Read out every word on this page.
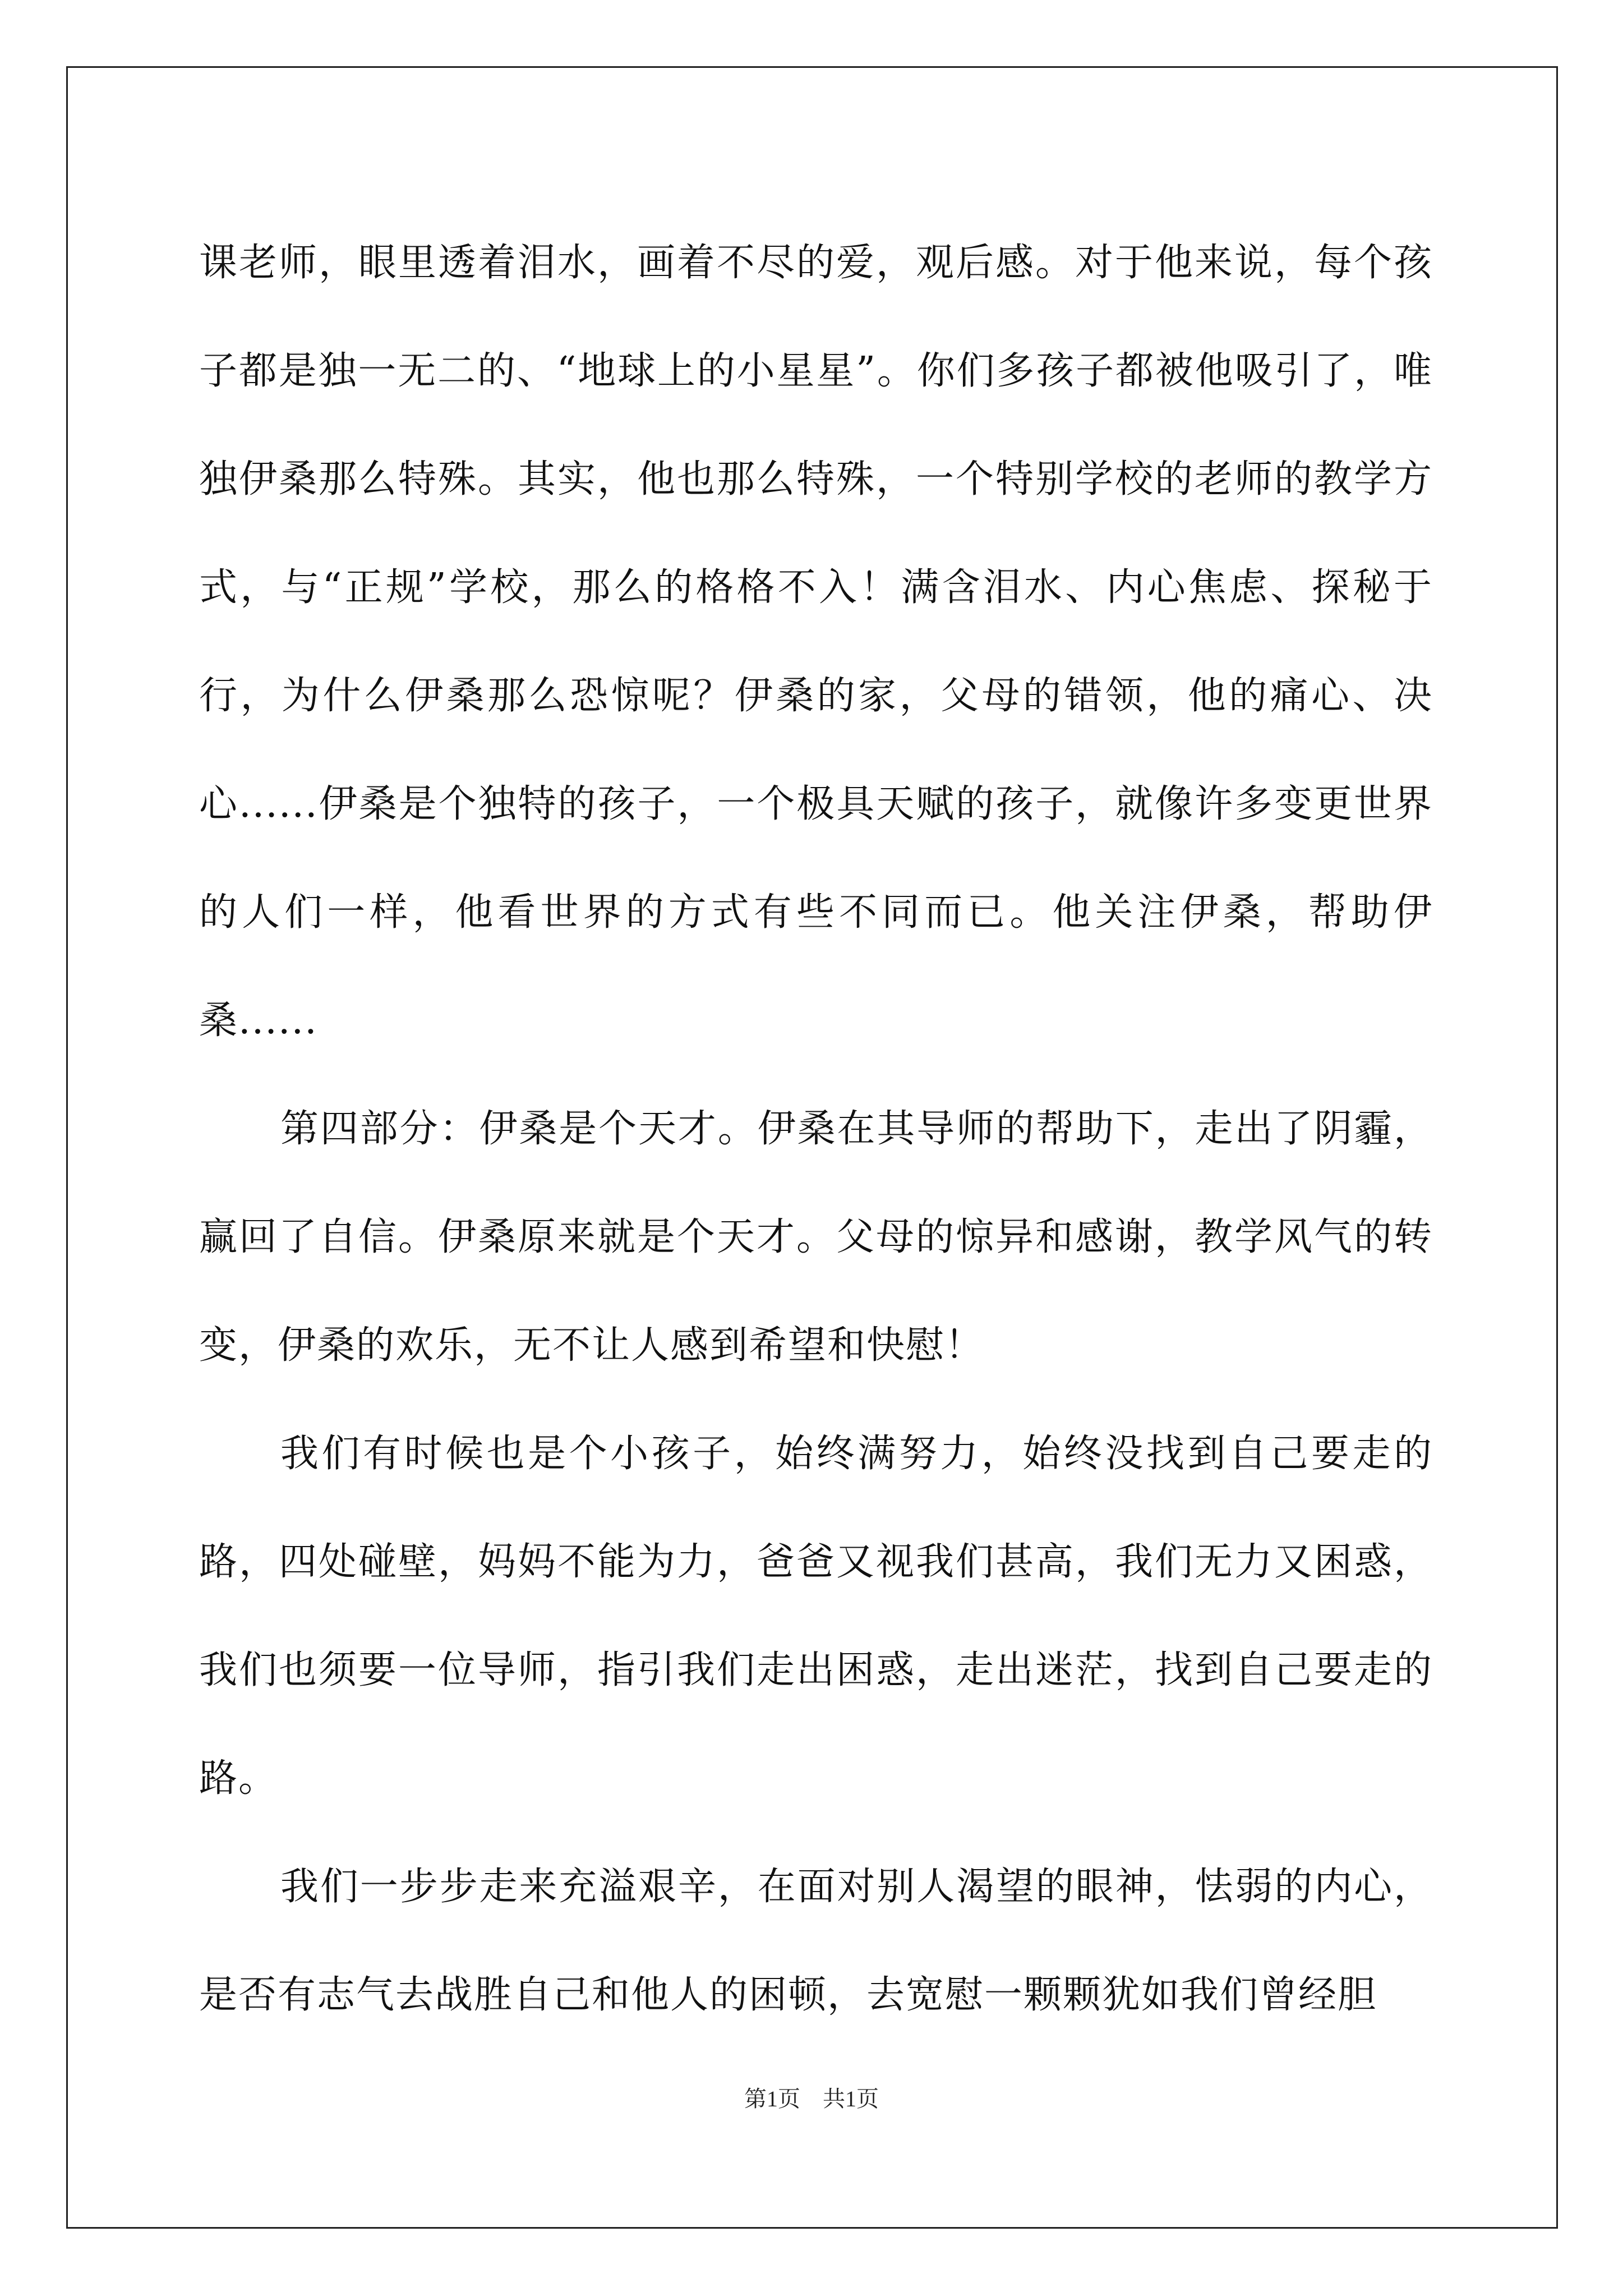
课老师，眼里透着泪水，画着不尽的爱，观后感。对于他来说，每个孩子都是独一无二的、“地球上的小星星”。你们多孩子都被他吸引了，唯独伊桑那么特殊。其实，他也那么特殊，一个特别学校的老师的教学方式，与“正规”学校，那么的格格不入！满含泪水、内心焦虑、探秘于行，为什么伊桑那么恐惊呢？伊桑的家，父母的错领，他的痛心、决心......伊桑是个独特的孩子，一个极具天赋的孩子，就像许多变更世界的人们一样，他看世界的方式有些不同而已。他关注伊桑，帮助伊桑......

第四部分：伊桑是个天才。伊桑在其导师的帮助下，走出了阴霾，赢回了自信。伊桑原来就是个天才。父母的惊异和感谢，教学风气的转变，伊桑的欢乐，无不让人感到希望和快慰！

我们有时候也是个小孩子，始终满努力，始终没找到自己要走的路，四处碰壁，妈妈不能为力，爸爸又视我们甚高，我们无力又困惑，我们也须要一位导师，指引我们走出困惑，走出迷茫，找到自己要走的路。

我们一步步走来充溢艰辛，在面对别人渴望的眼神，怯弱的内心，是否有志气去战胜自己和他人的困顿，去宽慰一颗颗犹如我们曾经胆

第1页　共1页
